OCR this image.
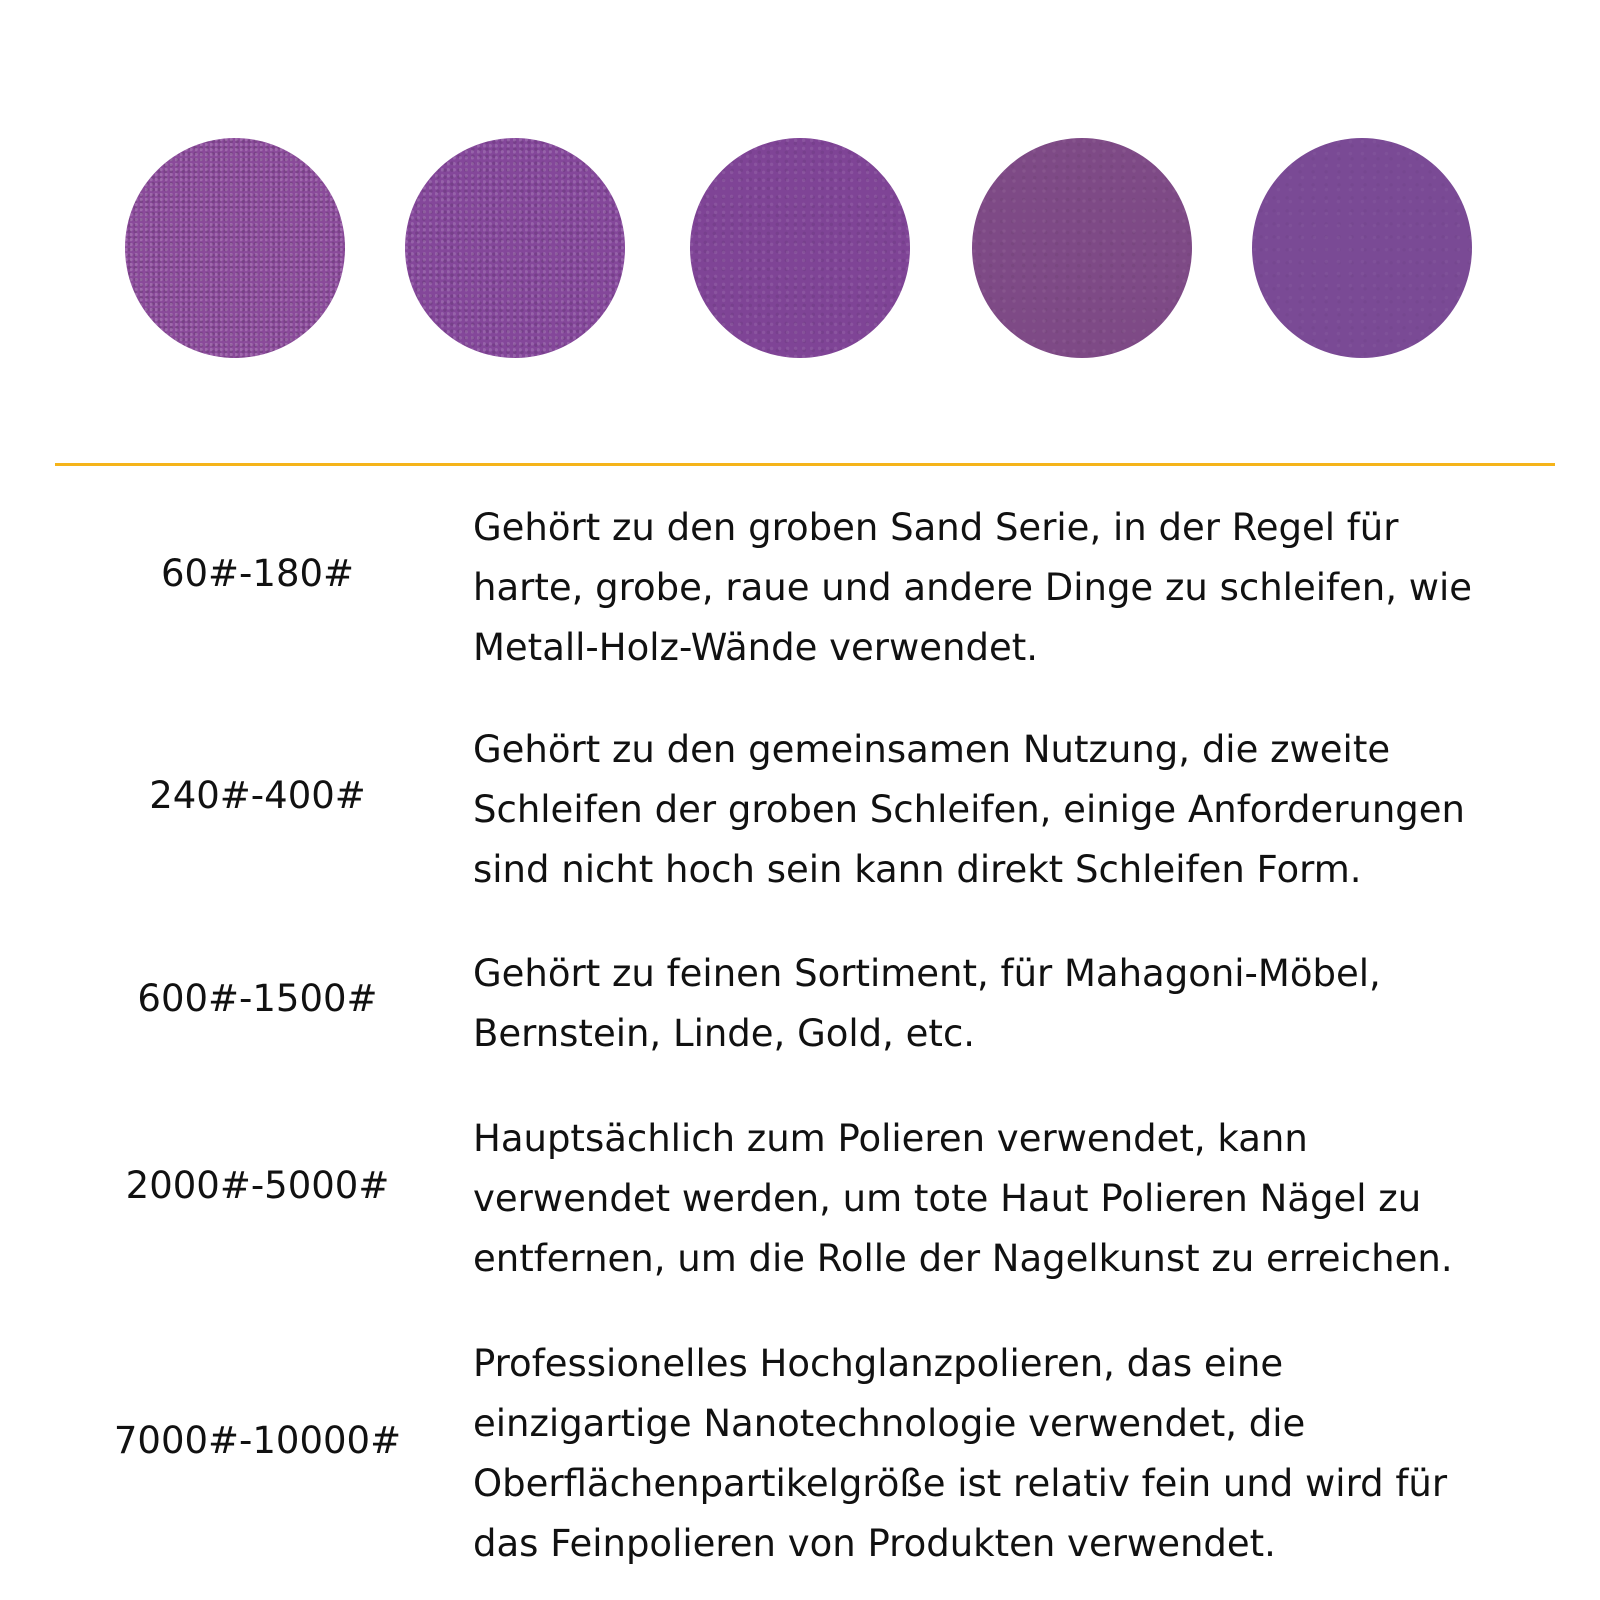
60#-180#

Gehört zu den groben Sand Serie, in der Regel für
harte, grobe, raue und andere Dinge zu schleifen, wie
Metall-Holz-Wände verwendet.

240#-400#

Gehört zu den gemeinsamen Nutzung, die zweite
Schleifen der groben Schleifen, einige Anforderungen
sind nicht hoch sein kann direkt Schleifen Form.

600#-1500#

Gehört zu feinen Sortiment, für Mahagoni-Möbel,
Bernstein, Linde, Gold, etc.

2000#-5000#

Hauptsächlich zum Polieren verwendet, kann
verwendet werden, um tote Haut Polieren Nägel zu
entfernen, um die Rolle der Nagelkunst zu erreichen.

7000#-10000#

Professionelles Hochglanzpolieren, das eine
einzigartige Nanotechnologie verwendet, die
Oberflächenpartikelgröße ist relativ fein und wird für
das Feinpolieren von Produkten verwendet.
